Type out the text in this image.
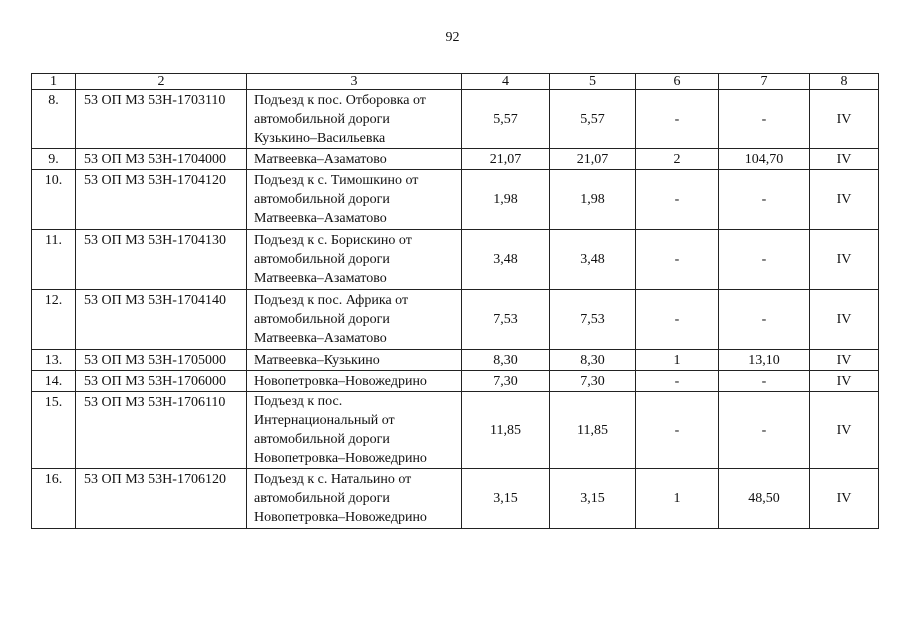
92
1	2	3	4	5	6	7	8
8.	53 ОП МЗ 53Н-1703110	Подъезд к пос. Отборовка от автомобильной дороги Кузькино–Васильевка	5,57	5,57	-	-	IV
9.	53 ОП МЗ 53Н-1704000	Матвеевка–Азаматово	21,07	21,07	2	104,70	IV
10.	53 ОП МЗ 53Н-1704120	Подъезд к с. Тимошкино от автомобильной дороги Матвеевка–Азаматово	1,98	1,98	-	-	IV
11.	53 ОП МЗ 53Н-1704130	Подъезд к с. Борискино от автомобильной дороги Матвеевка–Азаматово	3,48	3,48	-	-	IV
12.	53 ОП МЗ 53Н-1704140	Подъезд к пос. Африка от автомобильной дороги Матвеевка–Азаматово	7,53	7,53	-	-	IV
13.	53 ОП МЗ 53Н-1705000	Матвеевка–Кузькино	8,30	8,30	1	13,10	IV
14.	53 ОП МЗ 53Н-1706000	Новопетровка–Новожедрино	7,30	7,30	-	-	IV
15.	53 ОП МЗ 53Н-1706110	Подъезд к пос. Интернациональный от автомобильной дороги Новопетровка–Новожедрино	11,85	11,85	-	-	IV
16.	53 ОП МЗ 53Н-1706120	Подъезд к с. Натальино от автомобильной дороги Новопетровка–Новожедрино	3,15	3,15	1	48,50	IV
